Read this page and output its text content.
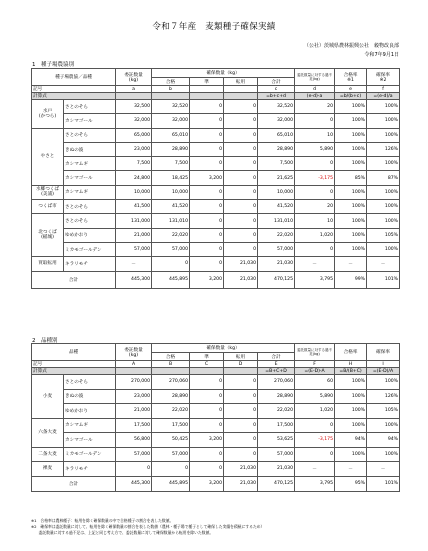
令和７年産　麦類種子確保実績
（公社）茨城県農林振興公社　穀物改良部
令和7年9月1日
1　種子場農協別
種子場農協／品種		委託数量
(kg)	確保数量（kg）				委託数量に対する過不足(kg)	合格率
※1	確保率
※2
			合格	準	転用	合計			
記号		a	b			c	d	e	f
計算式						=b+c+d	(e-d)-a	=b/(b+c)	=(e-d)/a
水戸
(かつら)	さとのそら	32,500	32,520	0	0	32,520	20	100%	100%
	カシマゴール	32,000	32,000	0	0	32,000	0	100%	100%
やさと	さとのそら	65,000	65,010	0	0	65,010	10	100%	100%
	きぬの波	23,000	28,890	0	0	28,890	5,890	100%	126%
	カシマムギ	7,500	7,500	0	0	7,500	0	100%	100%
	カシマゴール	24,800	18,425	3,200	0	21,625	-3,175	85%	87%
水郷つくば
(美浦)	カシマムギ	10,000	10,000	0	0	10,000	0	100%	100%
つくば市	さとのそら	41,500	41,520	0	0	41,520	20	100%	100%
北つくば
(稲城)	さとのそら	131,000	131,010	0	0	131,010	10	100%	100%
	ゆめかおり	21,000	22,020	0	0	22,020	1,020	100%	105%
	ミカモゴールデン	57,000	57,000	0	0	57,000	0	100%	100%
買取転用	キラリモチ	－	0	0	21,030	21,030	－	－	－
合計		445,300	445,895	3,200	21,030	470,125	3,795	99%	101%
2　品種別
品種		委託数量
(kg)	確保数量（kg）				委託数量に対する過不足(kg)	合格率	確保率
			合格	準	転用	合計			
記号		A	B	C	D	E	F	H	I
計算式						=B+C+D	=(E-D)-A	=B/(B+C)	=(E-D)/A
小麦	さとのそら	270,000	270,060	0	0	270,060	60	100%	100%
	きぬの波	23,000	28,890	0	0	28,890	5,890	100%	126%
	ゆめかおり	21,000	22,020	0	0	22,020	1,020	100%	105%
六条大麦	カシマムギ	17,500	17,500	0	0	17,500	0	100%	100%
	カシマゴール	56,800	50,425	3,200	0	53,625	-3,175	94%	94%
二条大麦	ミカモゴールデン	57,000	57,000	0	0	57,000	0	100%	100%
裸麦	キラリモチ	0	0	0	21,030	21,030	－	－	－
合計		445,300	445,895	3,200	21,030	470,125	3,795	95%	101%
※1　合格率は農林種子：転用を除く確保数量の中で合格種子の割合を表した数値。
※2　確保率は委託数量に対して、転用を除く確保数量の割合を表した数値（農林・種子場で種子として確保した実績を積極にするため）
　　委託数量に対する過不足は、上記と同じ考え方で、委託数量に対して確保数量から転用を除いた数値。
